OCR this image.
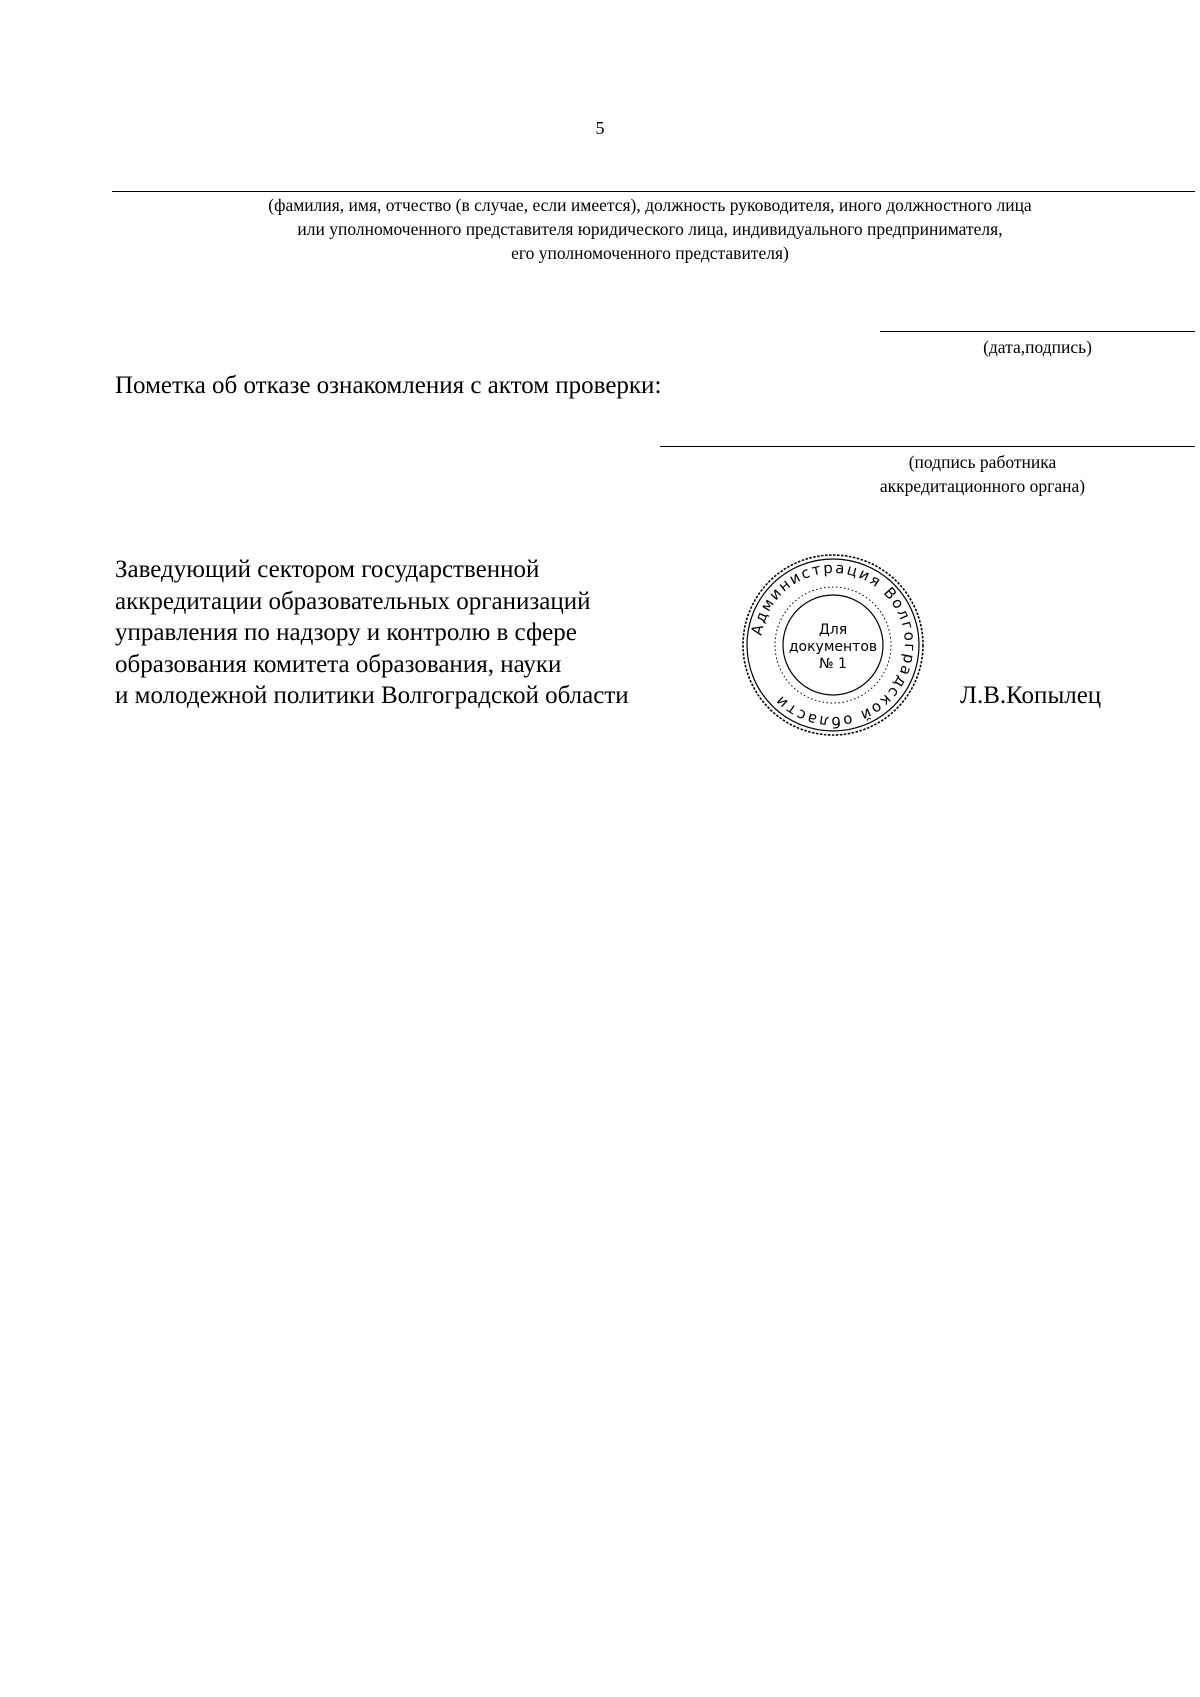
5
(фамилия, имя, отчество (в случае, если имеется), должность руководителя, иного должностного лица
или уполномоченного представителя юридического лица, индивидуального предпринимателя,
его уполномоченного представителя)
(дата,подпись)
Пометка об отказе ознакомления с актом проверки:
(подпись работника
аккредитационного органа)
Заведующий сектором государственной
аккредитации образовательных организаций
управления по надзору и контролю в сфере
образования комитета образования, науки
и молодежной политики Волгоградской области
Администрация Волгоградской области
Для
документов
№ 1
Л.В.Копылец
